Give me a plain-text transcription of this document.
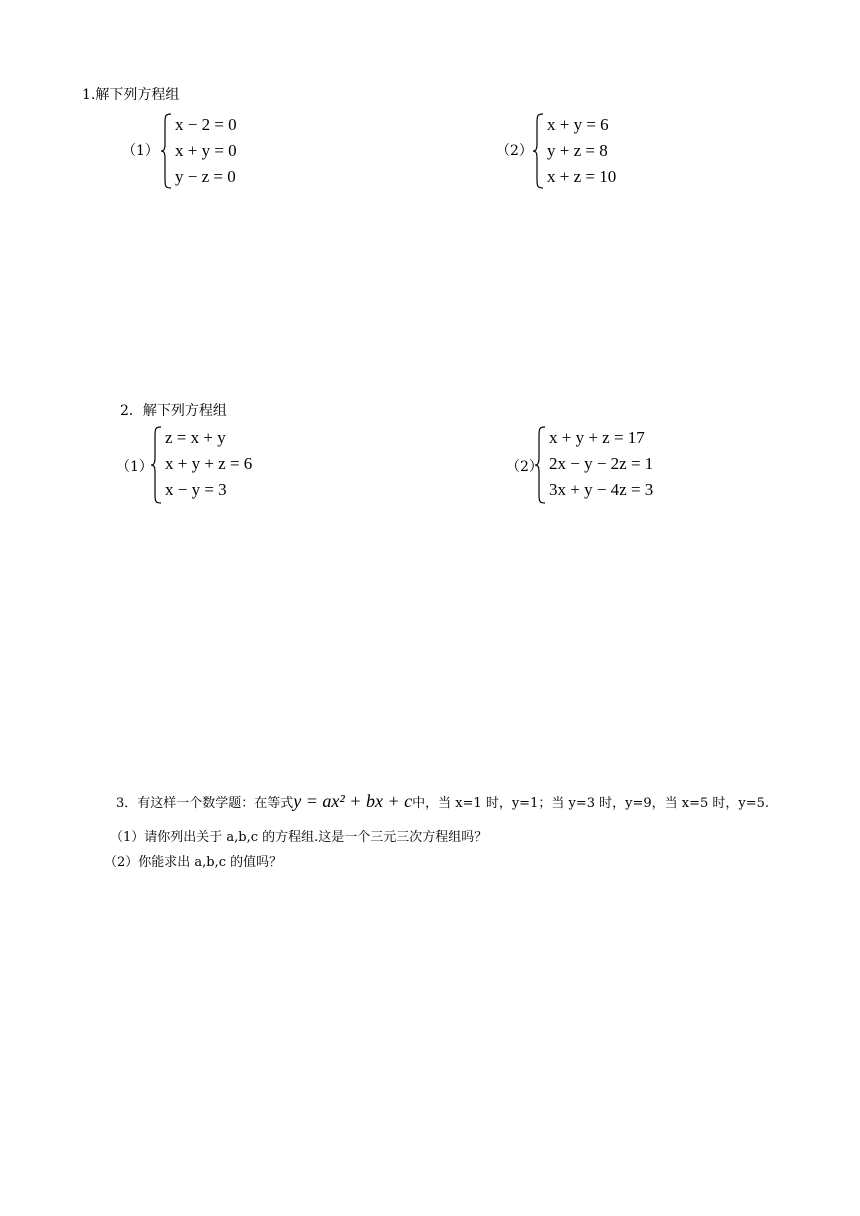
1.解下列方程组
（1）
x − 2 = 0
x + y = 0
y − z = 0
（2）
x + y = 6
y + z = 8
x + z = 10
2．解下列方程组
（1）
z = x + y
x + y + z = 6
x − y = 3
（2）
x + y + z = 17
2x − y − 2z = 1
3x + y − 4z = 3
3．有这样一个数学题：在等式y = ax² + bx + c中，当 x=1 时，y=1；当 y=3 时，y=9，当 x=5 时，y=5.
（1）请你列出关于 a,b,c 的方程组.这是一个三元三次方程组吗？
（2）你能求出 a,b,c 的值吗？
